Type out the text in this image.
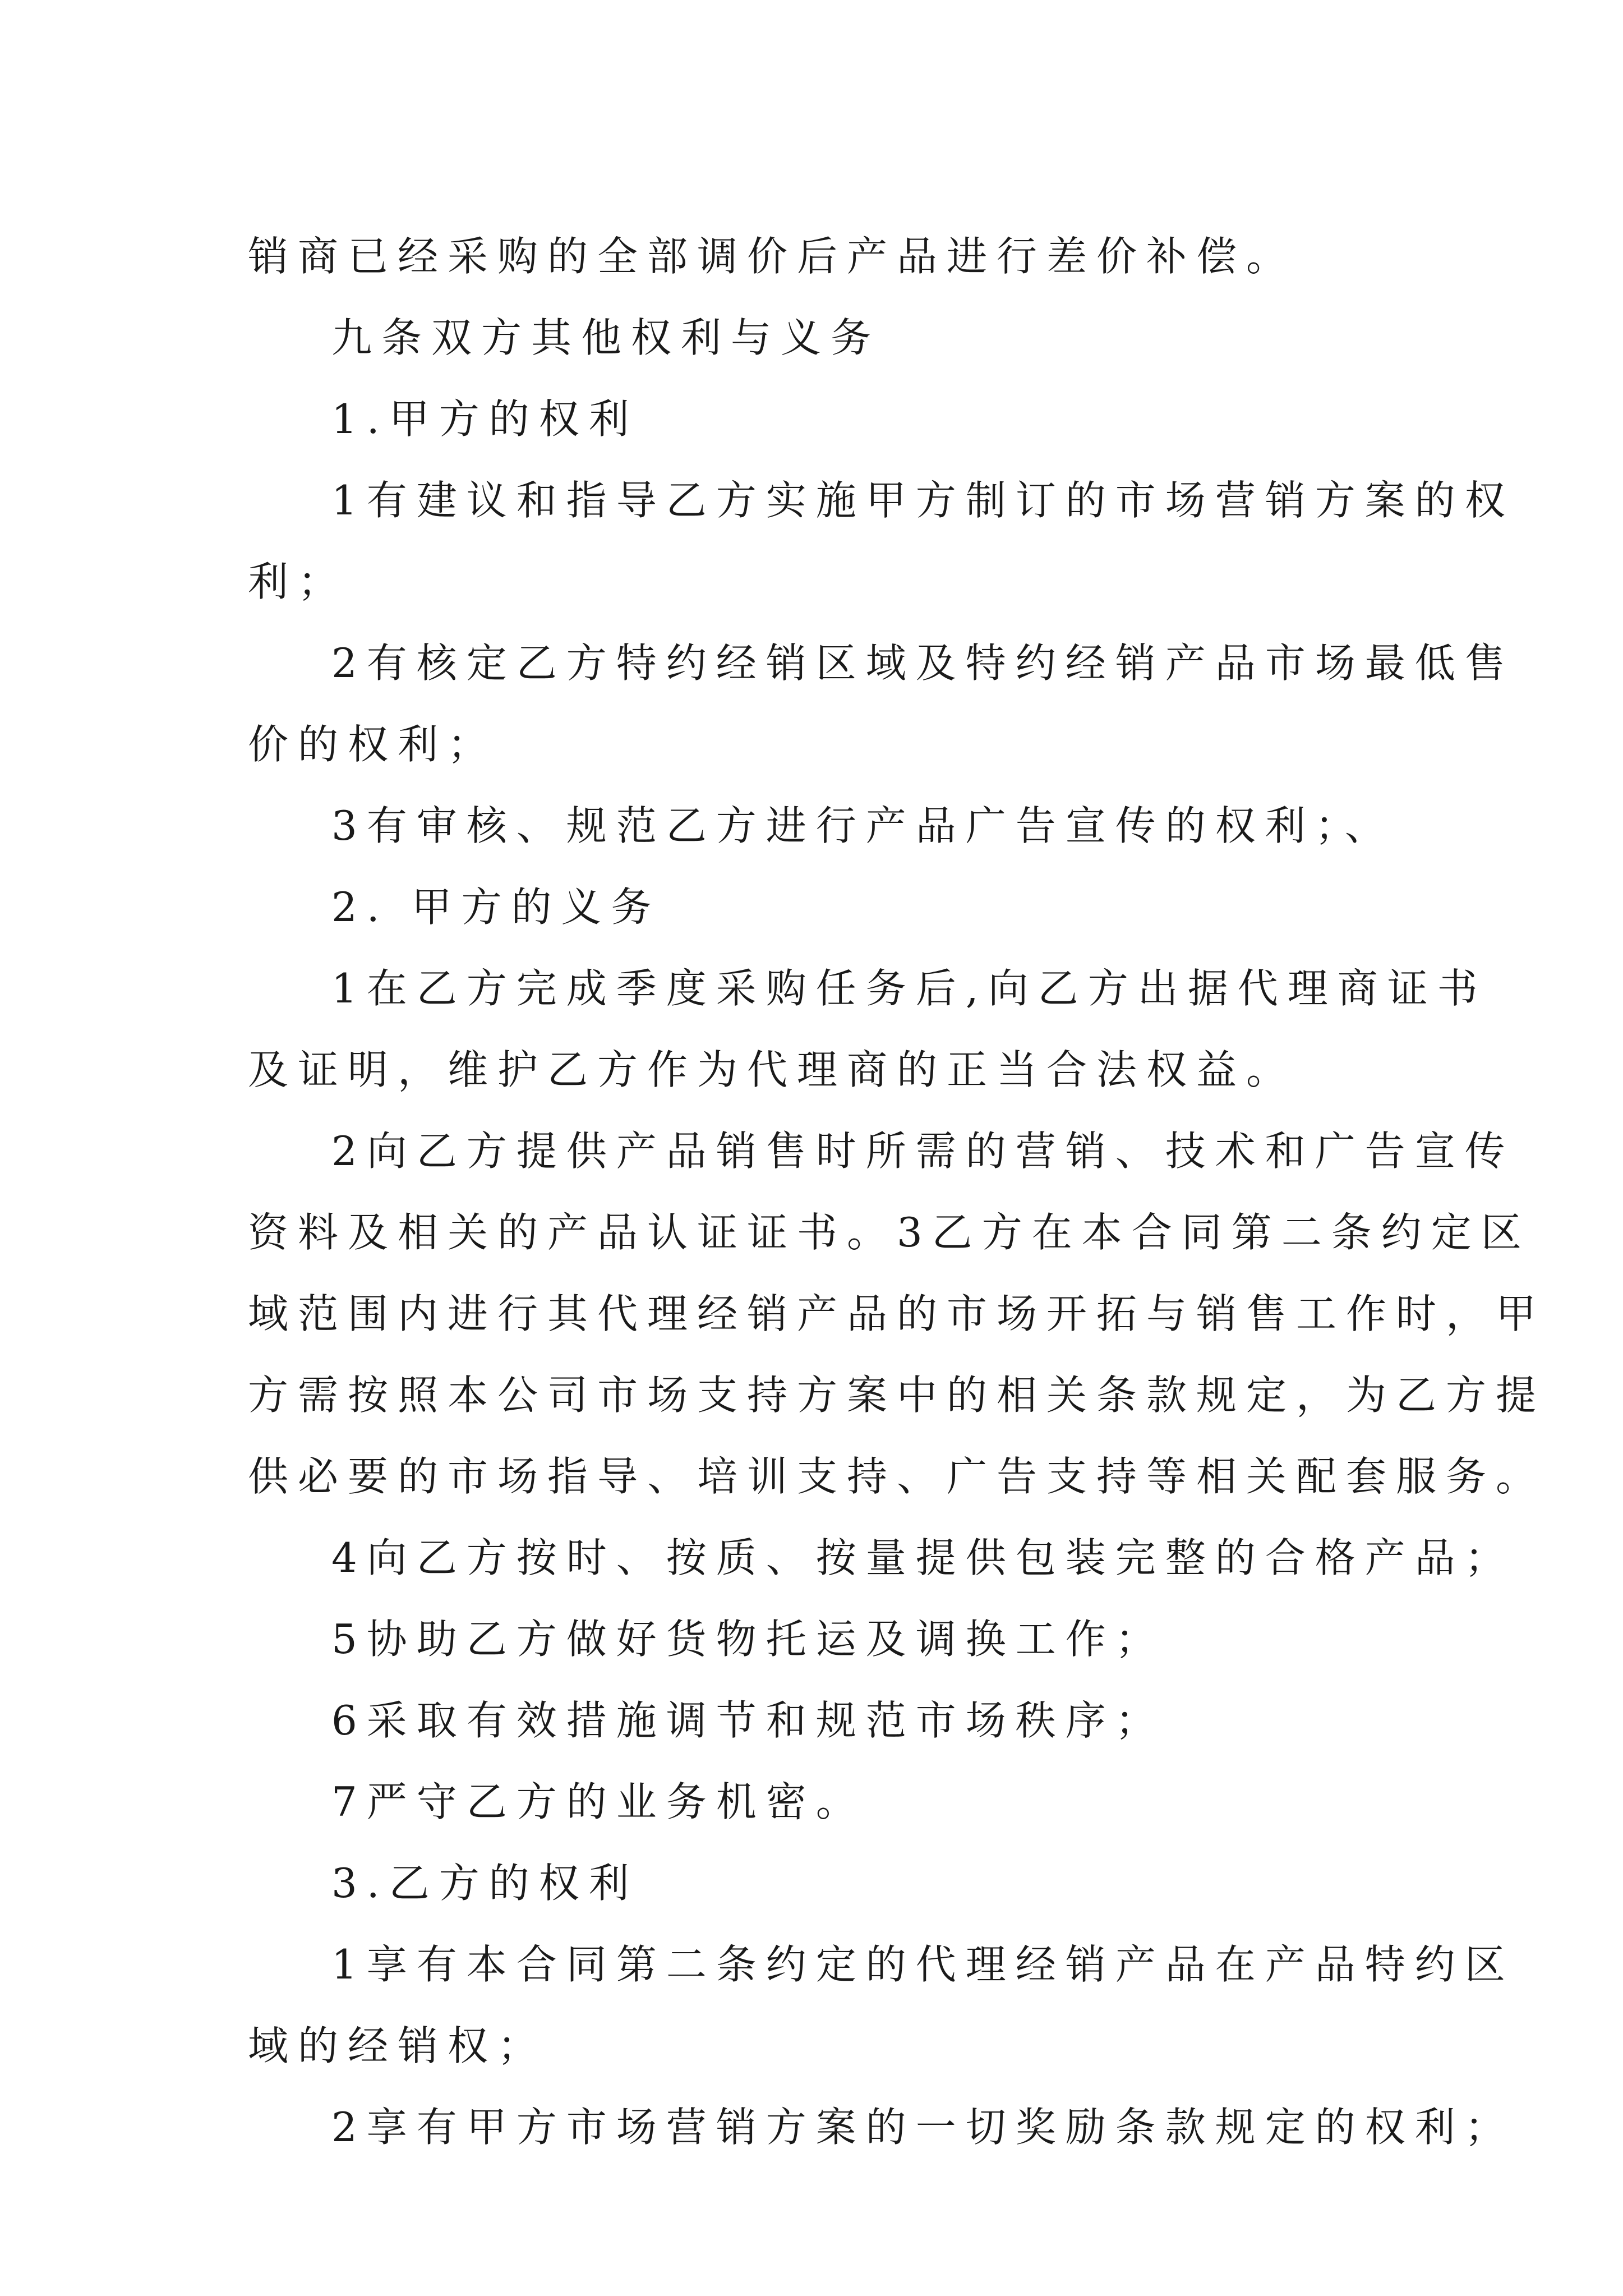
销商已经采购的全部调价后产品进行差价补偿。
九条双方其他权利与义务
1.甲方的权利
1有建议和指导乙方实施甲方制订的市场营销方案的权
利；
2有核定乙方特约经销区域及特约经销产品市场最低售
价的权利；
3有审核、规范乙方进行产品广告宣传的权利；、
2. 甲方的义务
1在乙方完成季度采购任务后,向乙方出据代理商证书
及证明，维护乙方作为代理商的正当合法权益。
2向乙方提供产品销售时所需的营销、技术和广告宣传
资料及相关的产品认证证书。3乙方在本合同第二条约定区
域范围内进行其代理经销产品的市场开拓与销售工作时，甲
方需按照本公司市场支持方案中的相关条款规定，为乙方提
供必要的市场指导、培训支持、广告支持等相关配套服务。
4向乙方按时、按质、按量提供包装完整的合格产品；
5协助乙方做好货物托运及调换工作；
6采取有效措施调节和规范市场秩序；
7严守乙方的业务机密。
3.乙方的权利
1享有本合同第二条约定的代理经销产品在产品特约区
域的经销权；
2享有甲方市场营销方案的一切奖励条款规定的权利；
